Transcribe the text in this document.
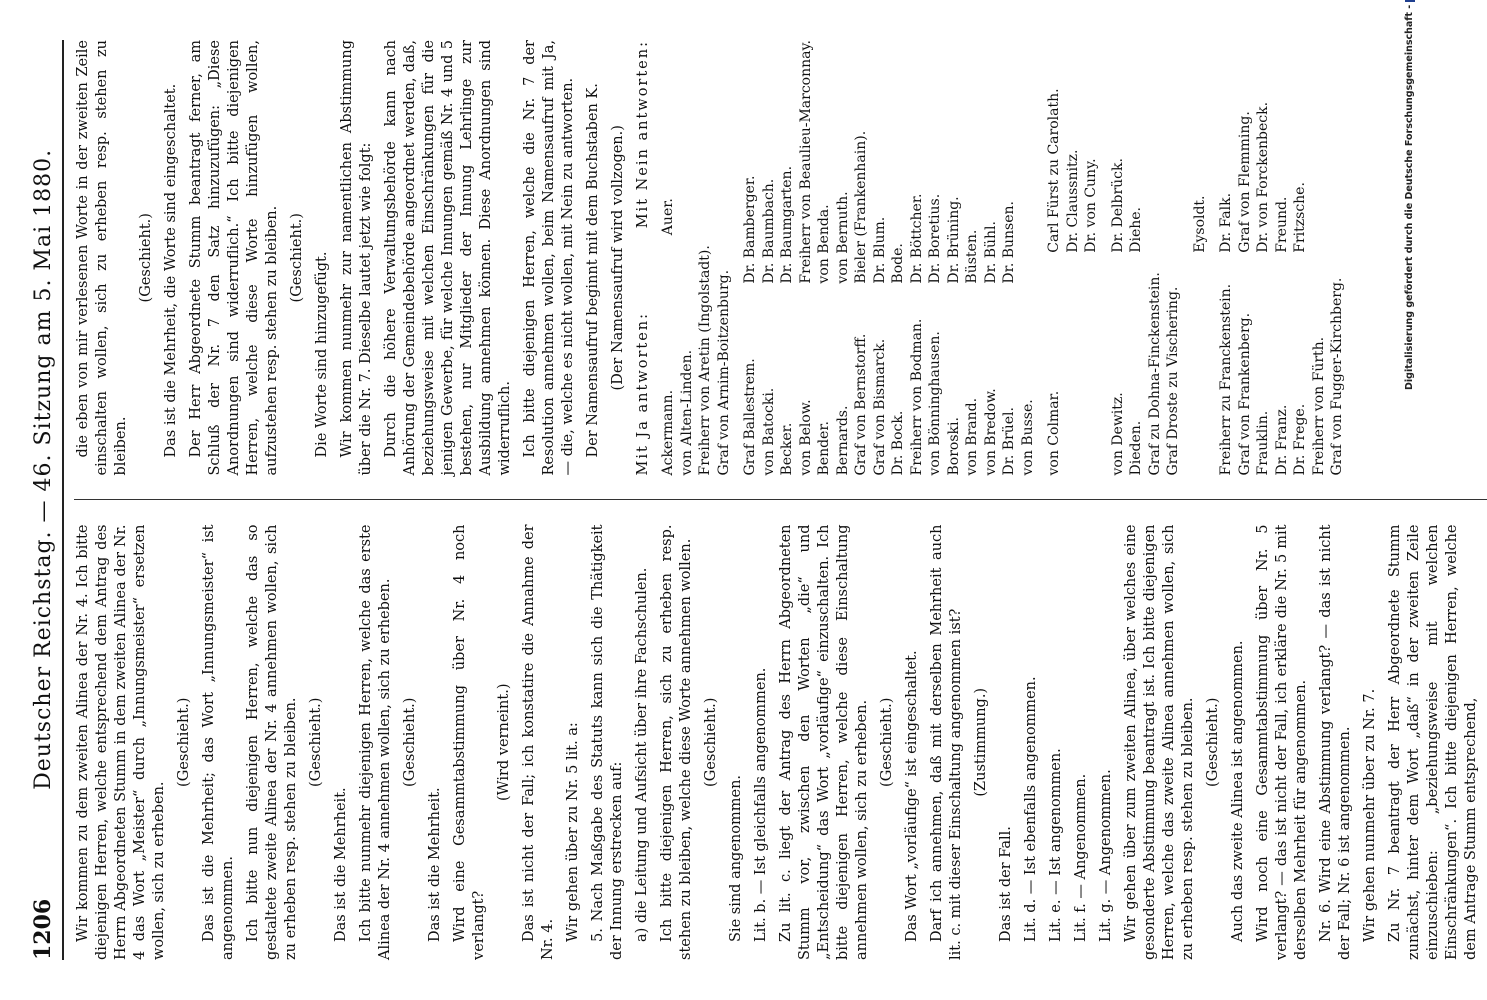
1206
Deutscher Reichstag. — 46. Sitzung am 5. Mai 1880. Wir kommen zu dem zweiten Alinea der Nr. 4. Ich bitte diejenigen Herren, welche entsprechend dem Antrag des Herrn Abgeordneten Stumm in dem zweiten Alinea der Nr. 4 das Wort „Meister“ durch „Innungsmeister“ ersetzen wollen, sich zu erheben.

(Geschieht.) Das ist die Mehrheit; das Wort „Innungsmeister“ ist angenommen. Ich bitte nun diejenigen Herren, welche das so gestaltete zweite Alinea der Nr. 4 annehmen wollen, sich zu erheben resp. stehen zu bleiben. (Geschieht.)

Das ist die Mehrheit. Ich bitte nunmehr diejenigen Herren, welche das erste Alinea der Nr. 4 annehmen wollen, sich zu erheben. (Geschieht.)

Das ist die Mehrheit. Wird eine Gesammtabstimmung über Nr. 4 noch verlangt?

(Wird verneint.) Das ist nicht der Fall; ich konstatire die Annahme der Nr. 4. Wir gehen über zu Nr. 5 lit. a: 5. Nach Maßgabe des Statuts kann sich die Thätigkeit der Innung erstrecken auf: a) die Leitung und Aufsicht über ihre Fachschulen. Ich bitte diejenigen Herren, sich zu erheben resp. stehen zu bleiben, welche diese Worte annehmen wollen. (Geschieht.)

Sie sind angenommen. Lit. b. — Ist gleichfalls angenommen. Zu lit. c. liegt der Antrag des Herrn Abgeordneten Stumm vor, zwischen den Worten „die“ und „Entscheidung“ das Wort „vorläufige“ einzuschalten. Ich bitte diejenigen Herren, welche diese Einschaltung annehmen wollen, sich zu erheben. (Geschieht.) Das Wort „vorläufige“ ist eingeschaltet. Darf ich annehmen, daß mit derselben Mehrheit auch lit. c. mit dieser Einschaltung angenommen ist? (Zustimmung.)

Das ist der Fall. Lit. d. — Ist ebenfalls angenommen. Lit. e. — Ist angenommen. Lit. f. — Angenommen. Lit. g. — Angenommen. Wir gehen über zum zweiten Alinea, über welches eine gesonderte Abstimmung beantragt ist. Ich bitte diejenigen Herren, welche das zweite Alinea annehmen wollen, sich zu erheben resp. stehen zu bleiben. (Geschieht.) Auch das zweite Alinea ist angenommen. Wird noch eine Gesammtabstimmung über Nr. 5 verlangt? — das ist nicht der Fall, ich erkläre die Nr. 5 mit derselben Mehrheit für angenommen. Nr. 6. Wird eine Abstimmung verlangt? — das ist nicht der Fall; Nr. 6 ist angenommen. Wir gehen nunmehr über zu Nr. 7. Zu Nr. 7 beantragt der Herr Abgeordnete Stumm zunächst, hinter dem Wort „daß“ in der zweiten Zeile einzuschieben: „beziehungsweise mit welchen Einschränkungen“. Ich bitte diejenigen Herren, welche dem Antrage Stumm entsprechend,

die eben von mir verlesenen Worte in der zweiten Zeile einschalten wollen, sich zu erheben resp. stehen zu bleiben.

(Geschieht.) Das ist die Mehrheit, die Worte sind eingeschaltet. Der Herr Abgeordnete Stumm beantragt ferner, am Schluß der Nr. 7 den Satz hinzuzufügen: „Diese Anordnungen sind widerruflich.“ Ich bitte diejenigen Herren, welche diese Worte hinzufügen wollen, aufzustehen resp. stehen zu bleiben. (Geschieht.) Die Worte sind hinzugefügt. Wir kommen nunmehr zur namentlichen Abstimmung über die Nr. 7. Dieselbe lautet jetzt wie folgt: Durch die höhere Verwaltungsbehörde kann nach Anhörung der Gemeindebehörde angeordnet werden, daß, beziehungsweise mit welchen Einschränkungen für die jenigen Gewerbe, für welche Innungen gemäß Nr. 4 und 5 bestehen, nur Mitglieder der Innung Lehrlinge zur Ausbildung annehmen können. Diese Anordnungen sind widerruflich. Ich bitte diejenigen Herren, welche die Nr. 7 der Resolution annehmen wollen, beim Namensaufruf mit Ja, — die, welche es nicht wollen, mit Nein zu antworten. Der Namensaufruf beginnt mit dem Buchstaben K. (Der Namensaufruf wird vollzogen.)

Mit Ja antworten:
Mit Nein antworten:
Ackermann. von Alten-Linden. Freiherr von Aretin (Ingolstadt). Graf von Arnim-Boitzenburg.
Auer.
Graf Ballestrem. von Batocki. Becker. von Below. Bender. Bernards. Graf von Bernstorff. Graf von Bismarck. Dr. Bock. Freiherr von Bodman. von Bönninghausen. Boroski. von Brand. von Bredow. Dr. Brüel. von Busse.
Dr. Bamberger. Dr. Baumbach. Dr. Baumgarten. Freiherr von Beaulieu-Marconnay. von Benda. von Bernuth. Bieler (Frankenhain). Dr. Blum. Bode. Dr. Böttcher. Dr. Boretius. Dr. Brüning. Büsten. Dr. Bühl. Dr. Bunsen.
von Colmar.
Carl Fürst zu Carolath. Dr. Claussnitz. Dr. von Cuny.
von Dewitz. Dieden. Graf zu Dohna-Finckenstein. Graf Droste zu Vischering.
Dr. Delbrück. Diehe.	Eysoldt.
Freiherr zu Franckenstein. Graf von Frankenberg. Frauklin. Dr. Franz. Dr. Frege. Freiherr von Fürth. Graf von Fugger-Kirchberg.
Dr. Falk. Graf von Flemming. Dr. von Forckenbeck. Freund. Fritzsche.	Digitalisierung gefördert durch die Deutsche Forschungsgemeinschaft -
